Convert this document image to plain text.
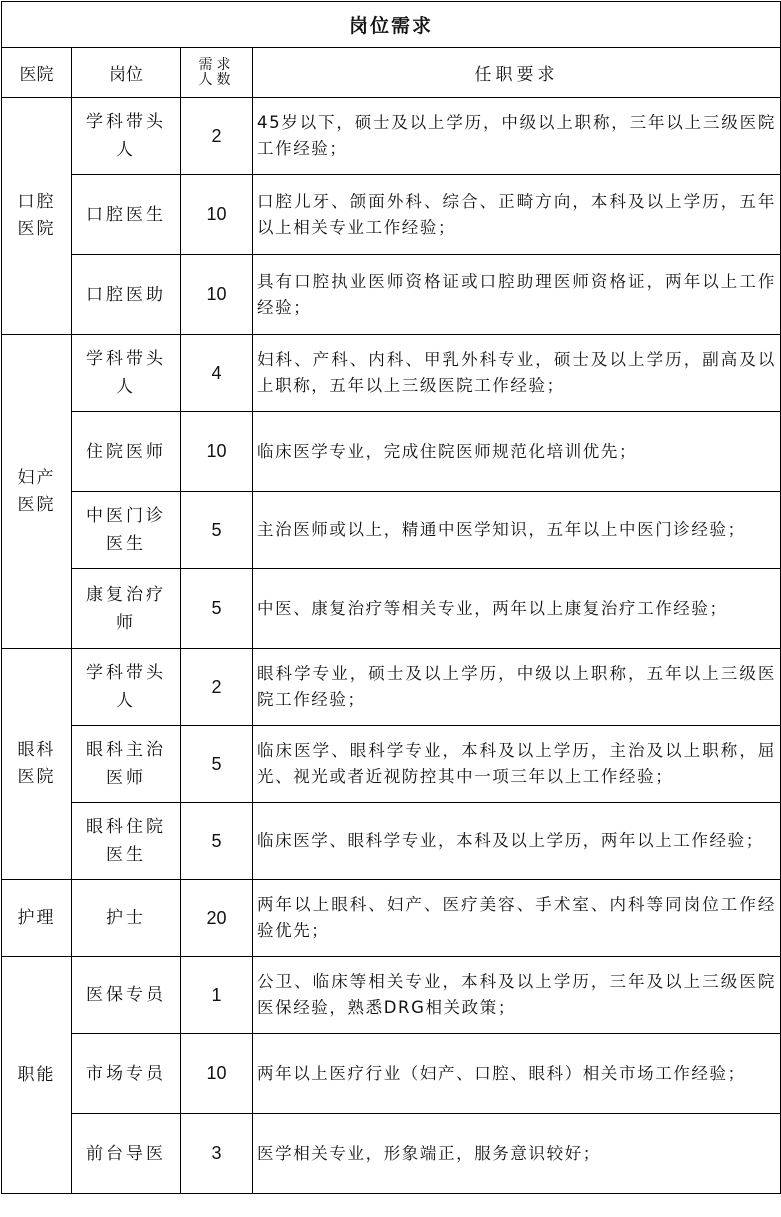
岗位需求			
医院	岗位	需求人数	任职要求
口腔医院	学科带头人	2	45岁以下，硕士及以上学历，中级以上职称，三年以上三级医院工作经验；
	口腔医生	10	口腔儿牙、颌面外科、综合、正畸方向，本科及以上学历，五年以上相关专业工作经验；
	口腔医助	10	具有口腔执业医师资格证或口腔助理医师资格证，两年以上工作经验；
妇产医院	学科带头人	4	妇科、产科、内科、甲乳外科专业，硕士及以上学历，副高及以上职称，五年以上三级医院工作经验；
	住院医师	10	临床医学专业，完成住院医师规范化培训优先；
	中医门诊医生	5	主治医师或以上，精通中医学知识，五年以上中医门诊经验；
	康复治疗师	5	中医、康复治疗等相关专业，两年以上康复治疗工作经验；
眼科医院	学科带头人	2	眼科学专业，硕士及以上学历，中级以上职称，五年以上三级医院工作经验；
	眼科主治医师	5	临床医学、眼科学专业，本科及以上学历，主治及以上职称，屈光、视光或者近视防控其中一项三年以上工作经验；
	眼科住院医生	5	临床医学、眼科学专业，本科及以上学历，两年以上工作经验；
护理	护士	20	两年以上眼科、妇产、医疗美容、手术室、内科等同岗位工作经验优先；
职能	医保专员	1	公卫、临床等相关专业，本科及以上学历，三年及以上三级医院医保经验，熟悉DRG相关政策；
	市场专员	10	两年以上医疗行业（妇产、口腔、眼科）相关市场工作经验；
	前台导医	3	医学相关专业，形象端正，服务意识较好；
